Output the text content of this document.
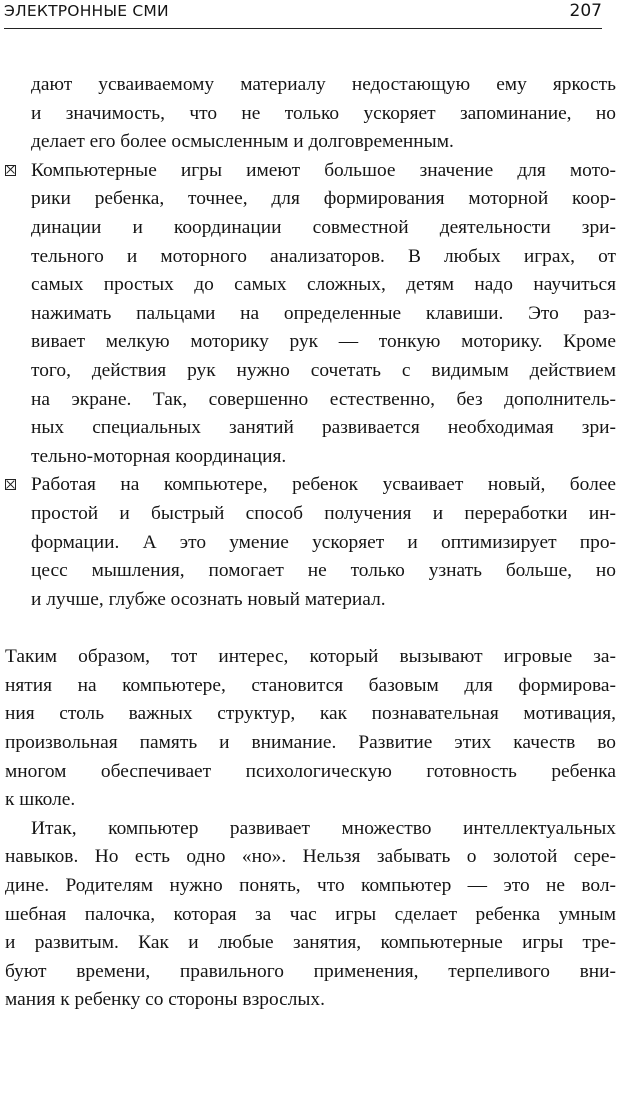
ЭЛЕКТРОННЫЕ СМИ	207
дают усваиваемому материалу недостающую ему яркость
и значимость, что не только ускоряет запоминание, но
делает его более осмысленным и долговременным.
Компьютерные игры имеют большое значение для мото-
рики ребенка, точнее, для формирования моторной коор-
динации и координации совместной деятельности зри-
тельного и моторного анализаторов. В любых играх, от
самых простых до самых сложных, детям надо научиться
нажимать пальцами на определенные клавиши. Это раз-
вивает мелкую моторику рук — тонкую моторику. Кроме
того, действия рук нужно сочетать с видимым действием
на экране. Так, совершенно естественно, без дополнитель-
ных специальных занятий развивается необходимая зри-
тельно-моторная координация.
Работая на компьютере, ребенок усваивает новый, более
простой и быстрый способ получения и переработки ин-
формации. А это умение ускоряет и оптимизирует про-
цесс мышления, помогает не только узнать больше, но
и лучше, глубже осознать новый материал.
Таким образом, тот интерес, который вызывают игровые за-
нятия на компьютере, становится базовым для формирова-
ния столь важных структур, как познавательная мотивация,
произвольная память и внимание. Развитие этих качеств во
многом обеспечивает психологическую готовность ребенка
к школе.
Итак, компьютер развивает множество интеллектуальных
навыков. Но есть одно «но». Нельзя забывать о золотой сере-
дине. Родителям нужно понять, что компьютер — это не вол-
шебная палочка, которая за час игры сделает ребенка умным
и развитым. Как и любые занятия, компьютерные игры тре-
буют времени, правильного применения, терпеливого вни-
мания к ребенку со стороны взрослых.
